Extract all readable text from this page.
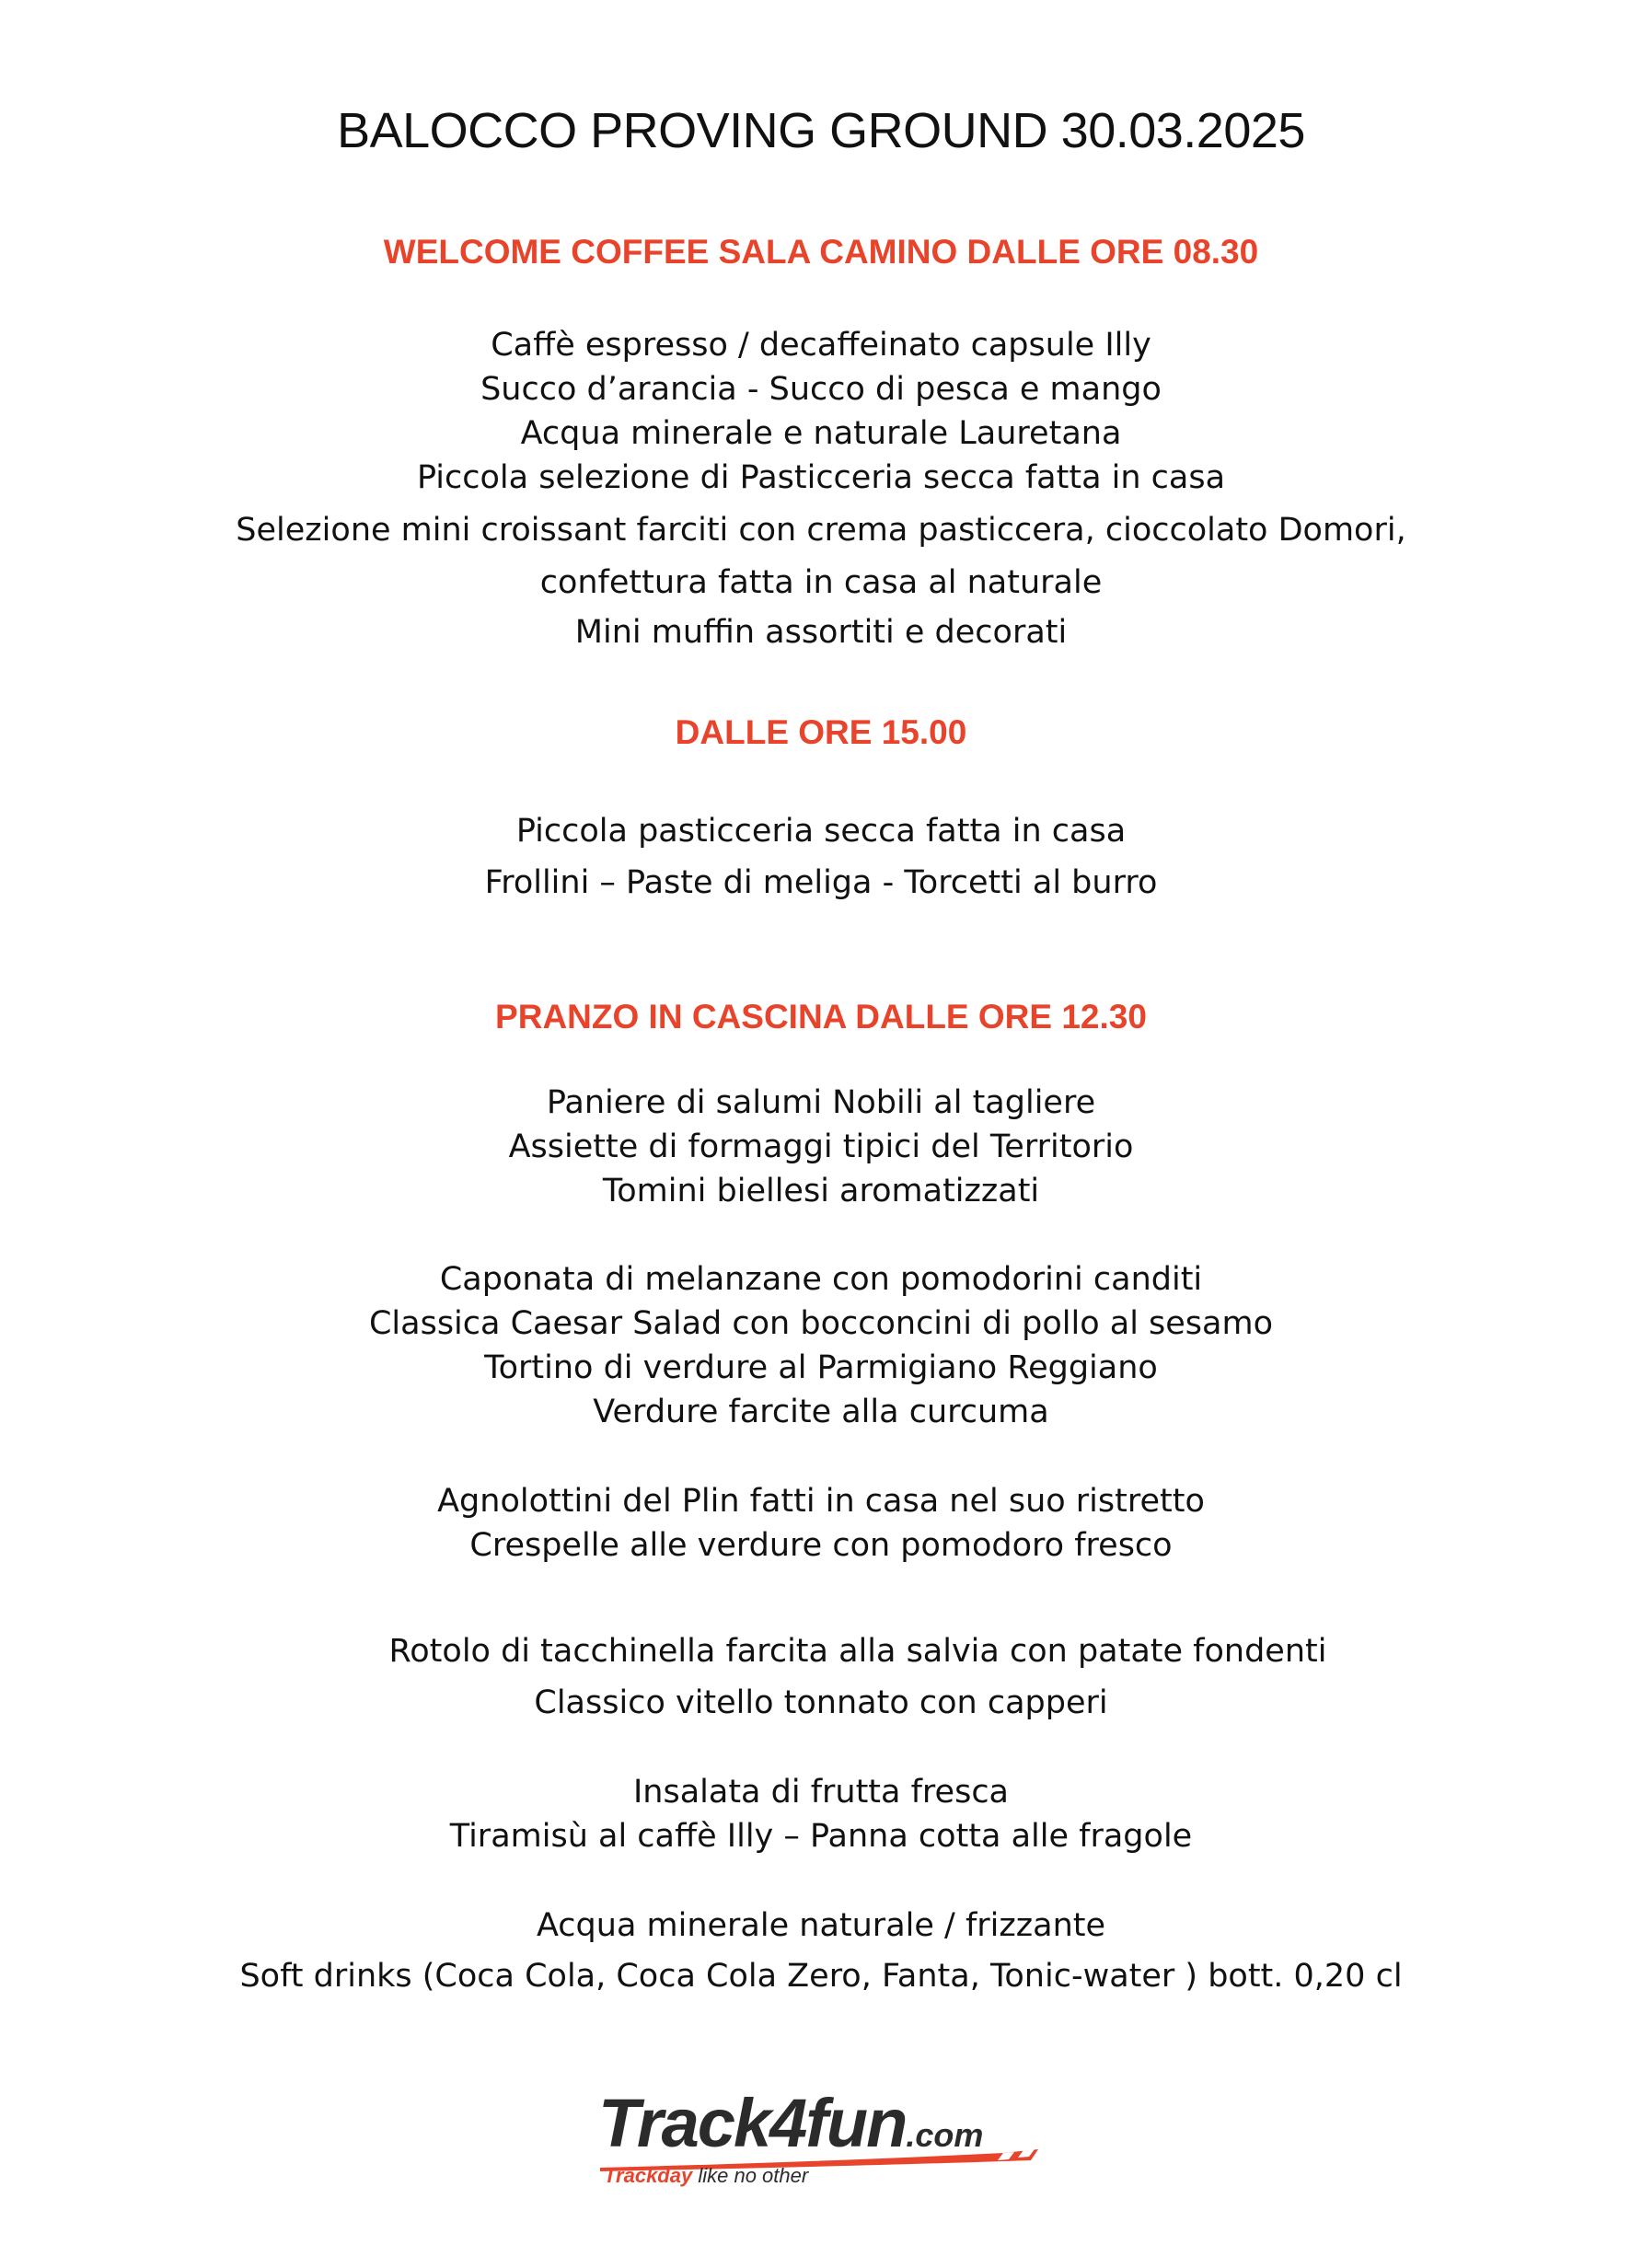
BALOCCO PROVING GROUND 30.03.2025
WELCOME COFFEE SALA CAMINO DALLE ORE 08.30
Caffè espresso / decaffeinato capsule Illy
Succo d’arancia - Succo di pesca e mango
Acqua minerale e naturale Lauretana
Piccola selezione di Pasticceria secca fatta in casa
Selezione mini croissant farciti con crema pasticcera, cioccolato Domori,
confettura fatta in casa al naturale
Mini muffin assortiti e decorati
DALLE ORE 15.00
Piccola pasticceria secca fatta in casa
Frollini – Paste di meliga - Torcetti al burro
PRANZO IN CASCINA DALLE ORE 12.30
Paniere di salumi Nobili al tagliere
Assiette di formaggi tipici del Territorio
Tomini biellesi aromatizzati
Caponata di melanzane con pomodorini canditi
Classica Caesar Salad con bocconcini di pollo al sesamo
Tortino di verdure al Parmigiano Reggiano
Verdure farcite alla curcuma
Agnolottini del Plin fatti in casa nel suo ristretto
Crespelle alle verdure con pomodoro fresco
Rotolo di tacchinella farcita alla salvia con patate fondenti
Classico vitello tonnato con capperi
Insalata di frutta fresca
Tiramisù al caffè Illy – Panna cotta alle fragole
Acqua minerale naturale / frizzante
Soft drinks (Coca Cola, Coca Cola Zero, Fanta, Tonic-water ) bott. 0,20 cl
Track4fun.com
Trackday like no other
